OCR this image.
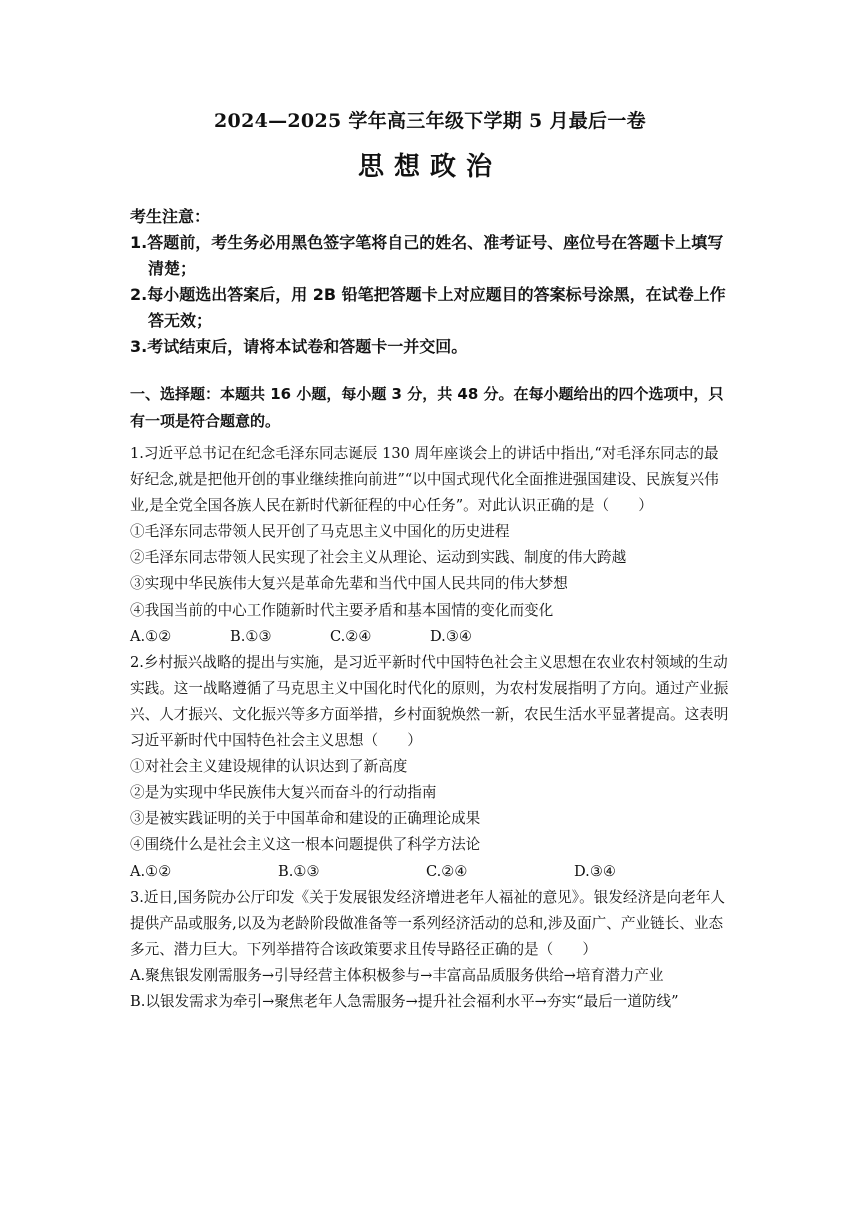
2024—2025 学年高三年级下学期 5 月最后一卷
思想政治
考生注意：
1.答题前，考生务必用黑色签字笔将自己的姓名、准考证号、座位号在答题卡上填写清楚；
2.每小题选出答案后，用 2B 铅笔把答题卡上对应题目的答案标号涂黑，在试卷上作答无效；
3.考试结束后，请将本试卷和答题卡一并交回。
一、选择题：本题共 16 小题，每小题 3 分，共 48 分。在每小题给出的四个选项中，只有一项是符合题意的。

1.习近平总书记在纪念毛泽东同志诞辰 130 周年座谈会上的讲话中指出,“对毛泽东同志的最好纪念,就是把他开创的事业继续推向前进”“以中国式现代化全面推进强国建设、民族复兴伟业,是全党全国各族人民在新时代新征程的中心任务”。对此认识正确的是（　　）

①毛泽东同志带领人民开创了马克思主义中国化的历史进程

②毛泽东同志带领人民实现了社会主义从理论、运动到实践、制度的伟大跨越

③实现中华民族伟大复兴是革命先辈和当代中国人民共同的伟大梦想

④我国当前的中心工作随新时代主要矛盾和基本国情的变化而变化

A.①②	B.①③	C.②④	D.③④

2.乡村振兴战略的提出与实施，是习近平新时代中国特色社会主义思想在农业农村领域的生动实践。这一战略遵循了马克思主义中国化时代化的原则，为农村发展指明了方向。通过产业振兴、人才振兴、文化振兴等多方面举措，乡村面貌焕然一新，农民生活水平显著提高。这表明习近平新时代中国特色社会主义思想（　　）

①对社会主义建设规律的认识达到了新高度

②是为实现中华民族伟大复兴而奋斗的行动指南

③是被实践证明的关于中国革命和建设的正确理论成果

④围绕什么是社会主义这一根本问题提供了科学方法论

A.①②	B.①③	C.②④	D.③④

3.近日,国务院办公厅印发《关于发展银发经济增进老年人福祉的意见》。银发经济是向老年人提供产品或服务,以及为老龄阶段做准备等一系列经济活动的总和,涉及面广、产业链长、业态多元、潜力巨大。下列举措符合该政策要求且传导路径正确的是（　　）

A.聚焦银发刚需服务→引导经营主体积极参与→丰富高品质服务供给→培育潜力产业

B.以银发需求为牵引→聚焦老年人急需服务→提升社会福利水平→夯实“最后一道防线”
